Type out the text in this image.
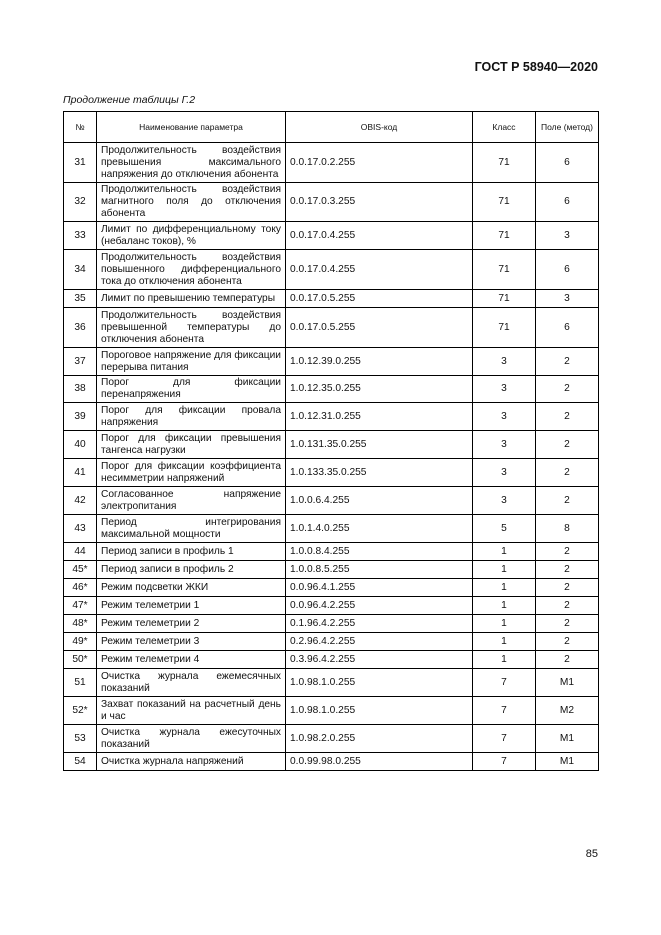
ГОСТ Р 58940—2020
Продолжение таблицы Г.2
№	Наименование параметра	OBIS-код	Класс	Поле (метод)
31	Продолжительность воздействия превышения максимального напряжения до отключения абонента	0.0.17.0.2.255	71	6
32	Продолжительность воздействия магнитного поля до отключения абонента	0.0.17.0.3.255	71	6
33	Лимит по дифференциальному току (небаланс токов), %	0.0.17.0.4.255	71	3
34	Продолжительность воздействия повышенного дифференциального тока до отключения абонента	0.0.17.0.4.255	71	6
35	Лимит по превышению температуры	0.0.17.0.5.255	71	3
36	Продолжительность воздействия превышенной температуры до отключения абонента	0.0.17.0.5.255	71	6
37	Пороговое напряжение для фиксации перерыва питания	1.0.12.39.0.255	3	2
38	Порог для фиксации перенапряжения	1.0.12.35.0.255	3	2
39	Порог для фиксации провала напряжения	1.0.12.31.0.255	3	2
40	Порог для фиксации превышения тангенса нагрузки	1.0.131.35.0.255	3	2
41	Порог для фиксации коэффициента несимметрии напряжений	1.0.133.35.0.255	3	2
42	Согласованное напряжение электропитания	1.0.0.6.4.255	3	2
43	Период интегрирования максимальной мощности	1.0.1.4.0.255	5	8
44	Период записи в профиль 1	1.0.0.8.4.255	1	2
45*	Период записи в профиль 2	1.0.0.8.5.255	1	2
46*	Режим подсветки ЖКИ	0.0.96.4.1.255	1	2
47*	Режим телеметрии 1	0.0.96.4.2.255	1	2
48*	Режим телеметрии 2	0.1.96.4.2.255	1	2
49*	Режим телеметрии 3	0.2.96.4.2.255	1	2
50*	Режим телеметрии 4	0.3.96.4.2.255	1	2
51	Очистка журнала ежемесячных показаний	1.0.98.1.0.255	7	M1
52*	Захват показаний на расчетный день и час	1.0.98.1.0.255	7	M2
53	Очистка журнала ежесуточных показаний	1.0.98.2.0.255	7	M1
54	Очистка журнала напряжений	0.0.99.98.0.255	7	M1
85
